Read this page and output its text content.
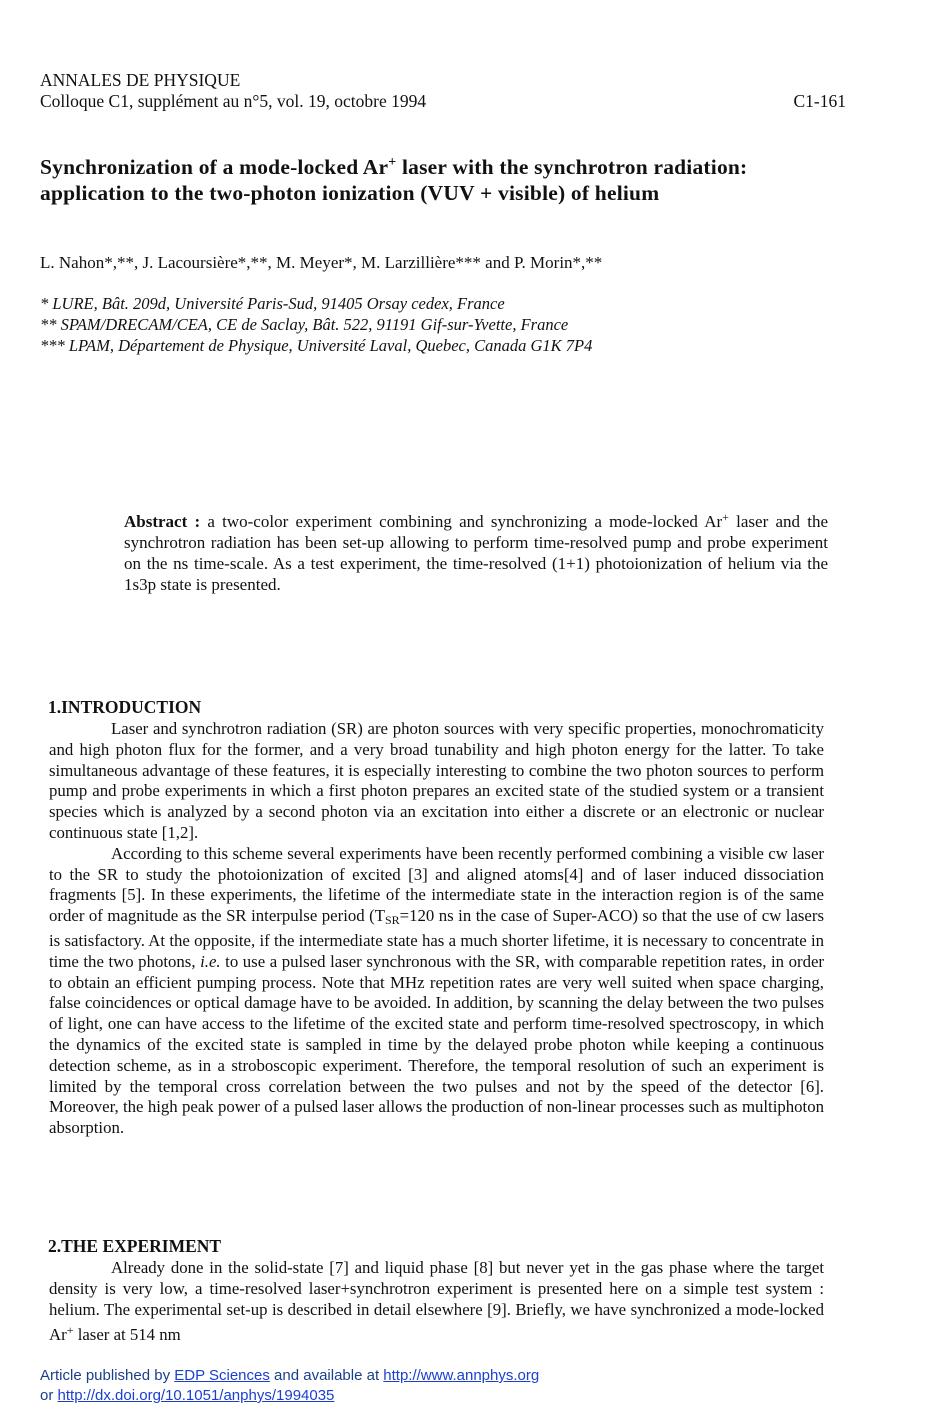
ANNALES DE PHYSIQUE
Colloque C1, supplément au n°5, vol. 19, octobre 1994	C1-161
Synchronization of a mode-locked Ar+ laser with the synchrotron radiation: application to the two-photon ionization (VUV + visible) of helium
L. Nahon*,**, J. Lacoursière*,**, M. Meyer*, M. Larzillière*** and P. Morin*,**
* LURE, Bât. 209d, Université Paris-Sud, 91405 Orsay cedex, France
** SPAM/DRECAM/CEA, CE de Saclay, Bât. 522, 91191 Gif-sur-Yvette, France
*** LPAM, Département de Physique, Université Laval, Quebec, Canada G1K 7P4
Abstract : a two-color experiment combining and synchronizing a mode-locked Ar+ laser and the synchrotron radiation has been set-up allowing to perform time-resolved pump and probe experiment on the ns time-scale. As a test experiment, the time-resolved (1+1) photoionization of helium via the 1s3p state is presented.
1.INTRODUCTION

Laser and synchrotron radiation (SR) are photon sources with very specific properties, monochromaticity and high photon flux for the former, and a very broad tunability and high photon energy for the latter. To take simultaneous advantage of these features, it is especially interesting to combine the two photon sources to perform pump and probe experiments in which a first photon prepares an excited state of the studied system or a transient species which is analyzed by a second photon via an excitation into either a discrete or an electronic or nuclear continuous state [1,2].

According to this scheme several experiments have been recently performed combining a visible cw laser to the SR to study the photoionization of excited [3] and aligned atoms[4] and of laser induced dissociation fragments [5]. In these experiments, the lifetime of the intermediate state in the interaction region is of the same order of magnitude as the SR interpulse period ($T_{SR}=120$ ns in the case of Super-ACO) so that the use of cw lasers is satisfactory. At the opposite, if the intermediate state has a much shorter lifetime, it is necessary to concentrate in time the two photons, i.e. to use a pulsed laser synchronous with the SR, with comparable repetition rates, in order to obtain an efficient pumping process. Note that MHz repetition rates are very well suited when space charging, false coincidences or optical damage have to be avoided. In addition, by scanning the delay between the two pulses of light, one can have access to the lifetime of the excited state and perform time-resolved spectroscopy, in which the dynamics of the excited state is sampled in time by the delayed probe photon while keeping a continuous detection scheme, as in a stroboscopic experiment. Therefore, the temporal resolution of such an experiment is limited by the temporal cross correlation between the two pulses and not by the speed of the detector [6]. Moreover, the high peak power of a pulsed laser allows the production of non-linear processes such as multiphoton absorption.

2.THE EXPERIMENT

Already done in the solid-state [7] and liquid phase [8] but never yet in the gas phase where the target density is very low, a time-resolved laser+synchrotron experiment is presented here on a simple test system : helium. The experimental set-up is described in detail elsewhere [9]. Briefly, we have synchronized a mode-locked Ar+ laser at 514 nm

Article published by EDP Sciences and available at http://www.annphys.org
or http://dx.doi.org/10.1051/anphys/1994035
